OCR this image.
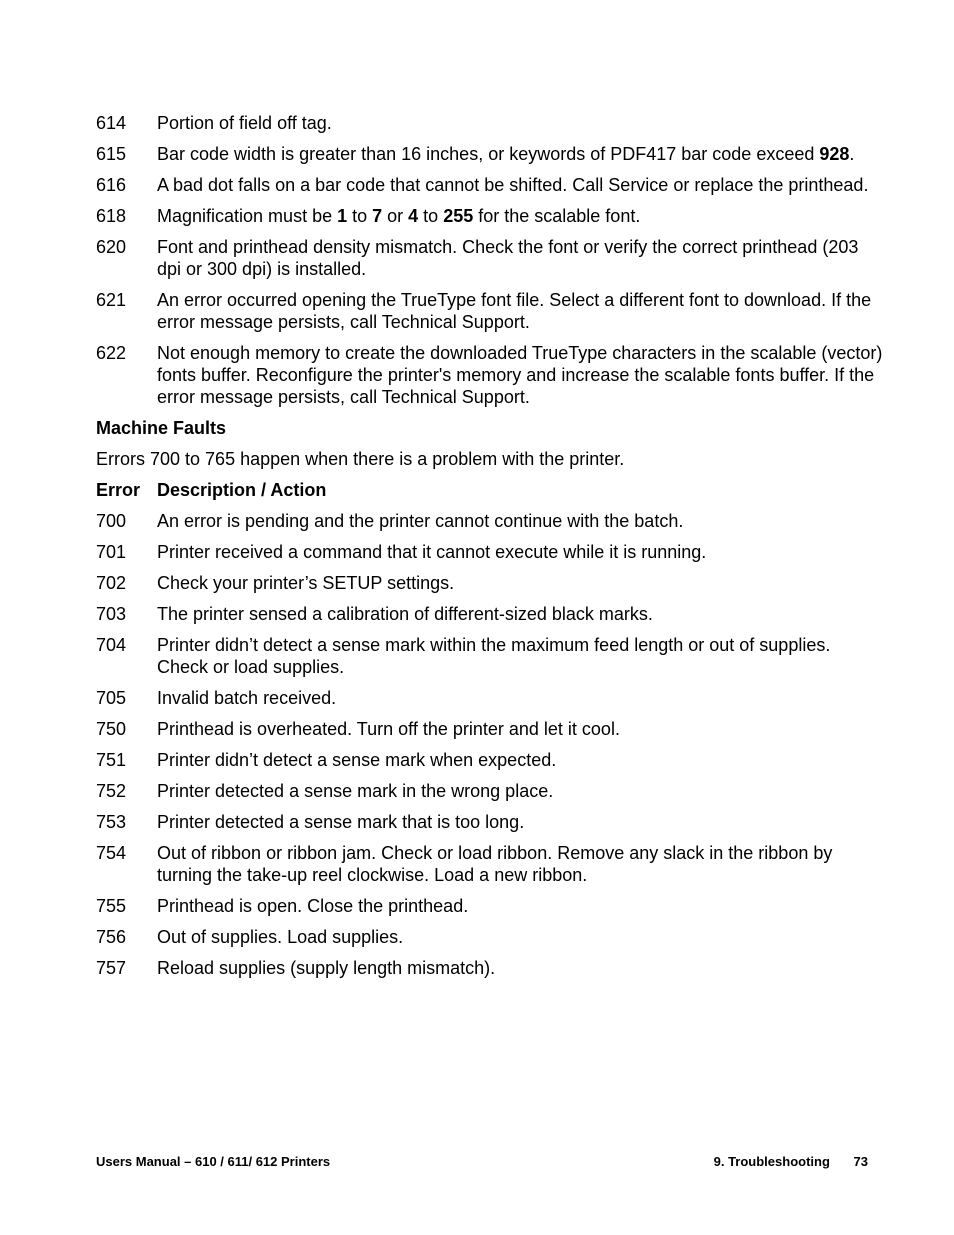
614	Portion of field off tag.
615	Bar code width is greater than 16 inches, or keywords of PDF417 bar code exceed 928.
616	A bad dot falls on a bar code that cannot be shifted. Call Service or replace the printhead.
618	Magnification must be 1 to 7 or 4 to 255 for the scalable font.
620	Font and printhead density mismatch. Check the font or verify the correct printhead (203 dpi or 300 dpi) is installed.
621	An error occurred opening the TrueType font file. Select a different font to download. If the error message persists, call Technical Support.
622	Not enough memory to create the downloaded TrueType characters in the scalable (vector) fonts buffer. Reconfigure the printer's memory and increase the scalable fonts buffer. If the error message persists, call Technical Support.
Machine Faults
Errors 700 to 765 happen when there is a problem with the printer.
Error Description / Action
700	An error is pending and the printer cannot continue with the batch.
701	Printer received a command that it cannot execute while it is running.
702	Check your printer’s SETUP settings.
703	The printer sensed a calibration of different-sized black marks.
704	Printer didn’t detect a sense mark within the maximum feed length or out of supplies. Check or load supplies.
705	Invalid batch received.
750	Printhead is overheated. Turn off the printer and let it cool.
751	Printer didn’t detect a sense mark when expected.
752	Printer detected a sense mark in the wrong place.
753	Printer detected a sense mark that is too long.
754	Out of ribbon or ribbon jam. Check or load ribbon. Remove any slack in the ribbon by turning the take-up reel clockwise. Load a new ribbon.
755	Printhead is open. Close the printhead.
756	Out of supplies. Load supplies.
757	Reload supplies (supply length mismatch).
Users Manual – 610 / 611/ 612 Printers	9. Troubleshooting 73
